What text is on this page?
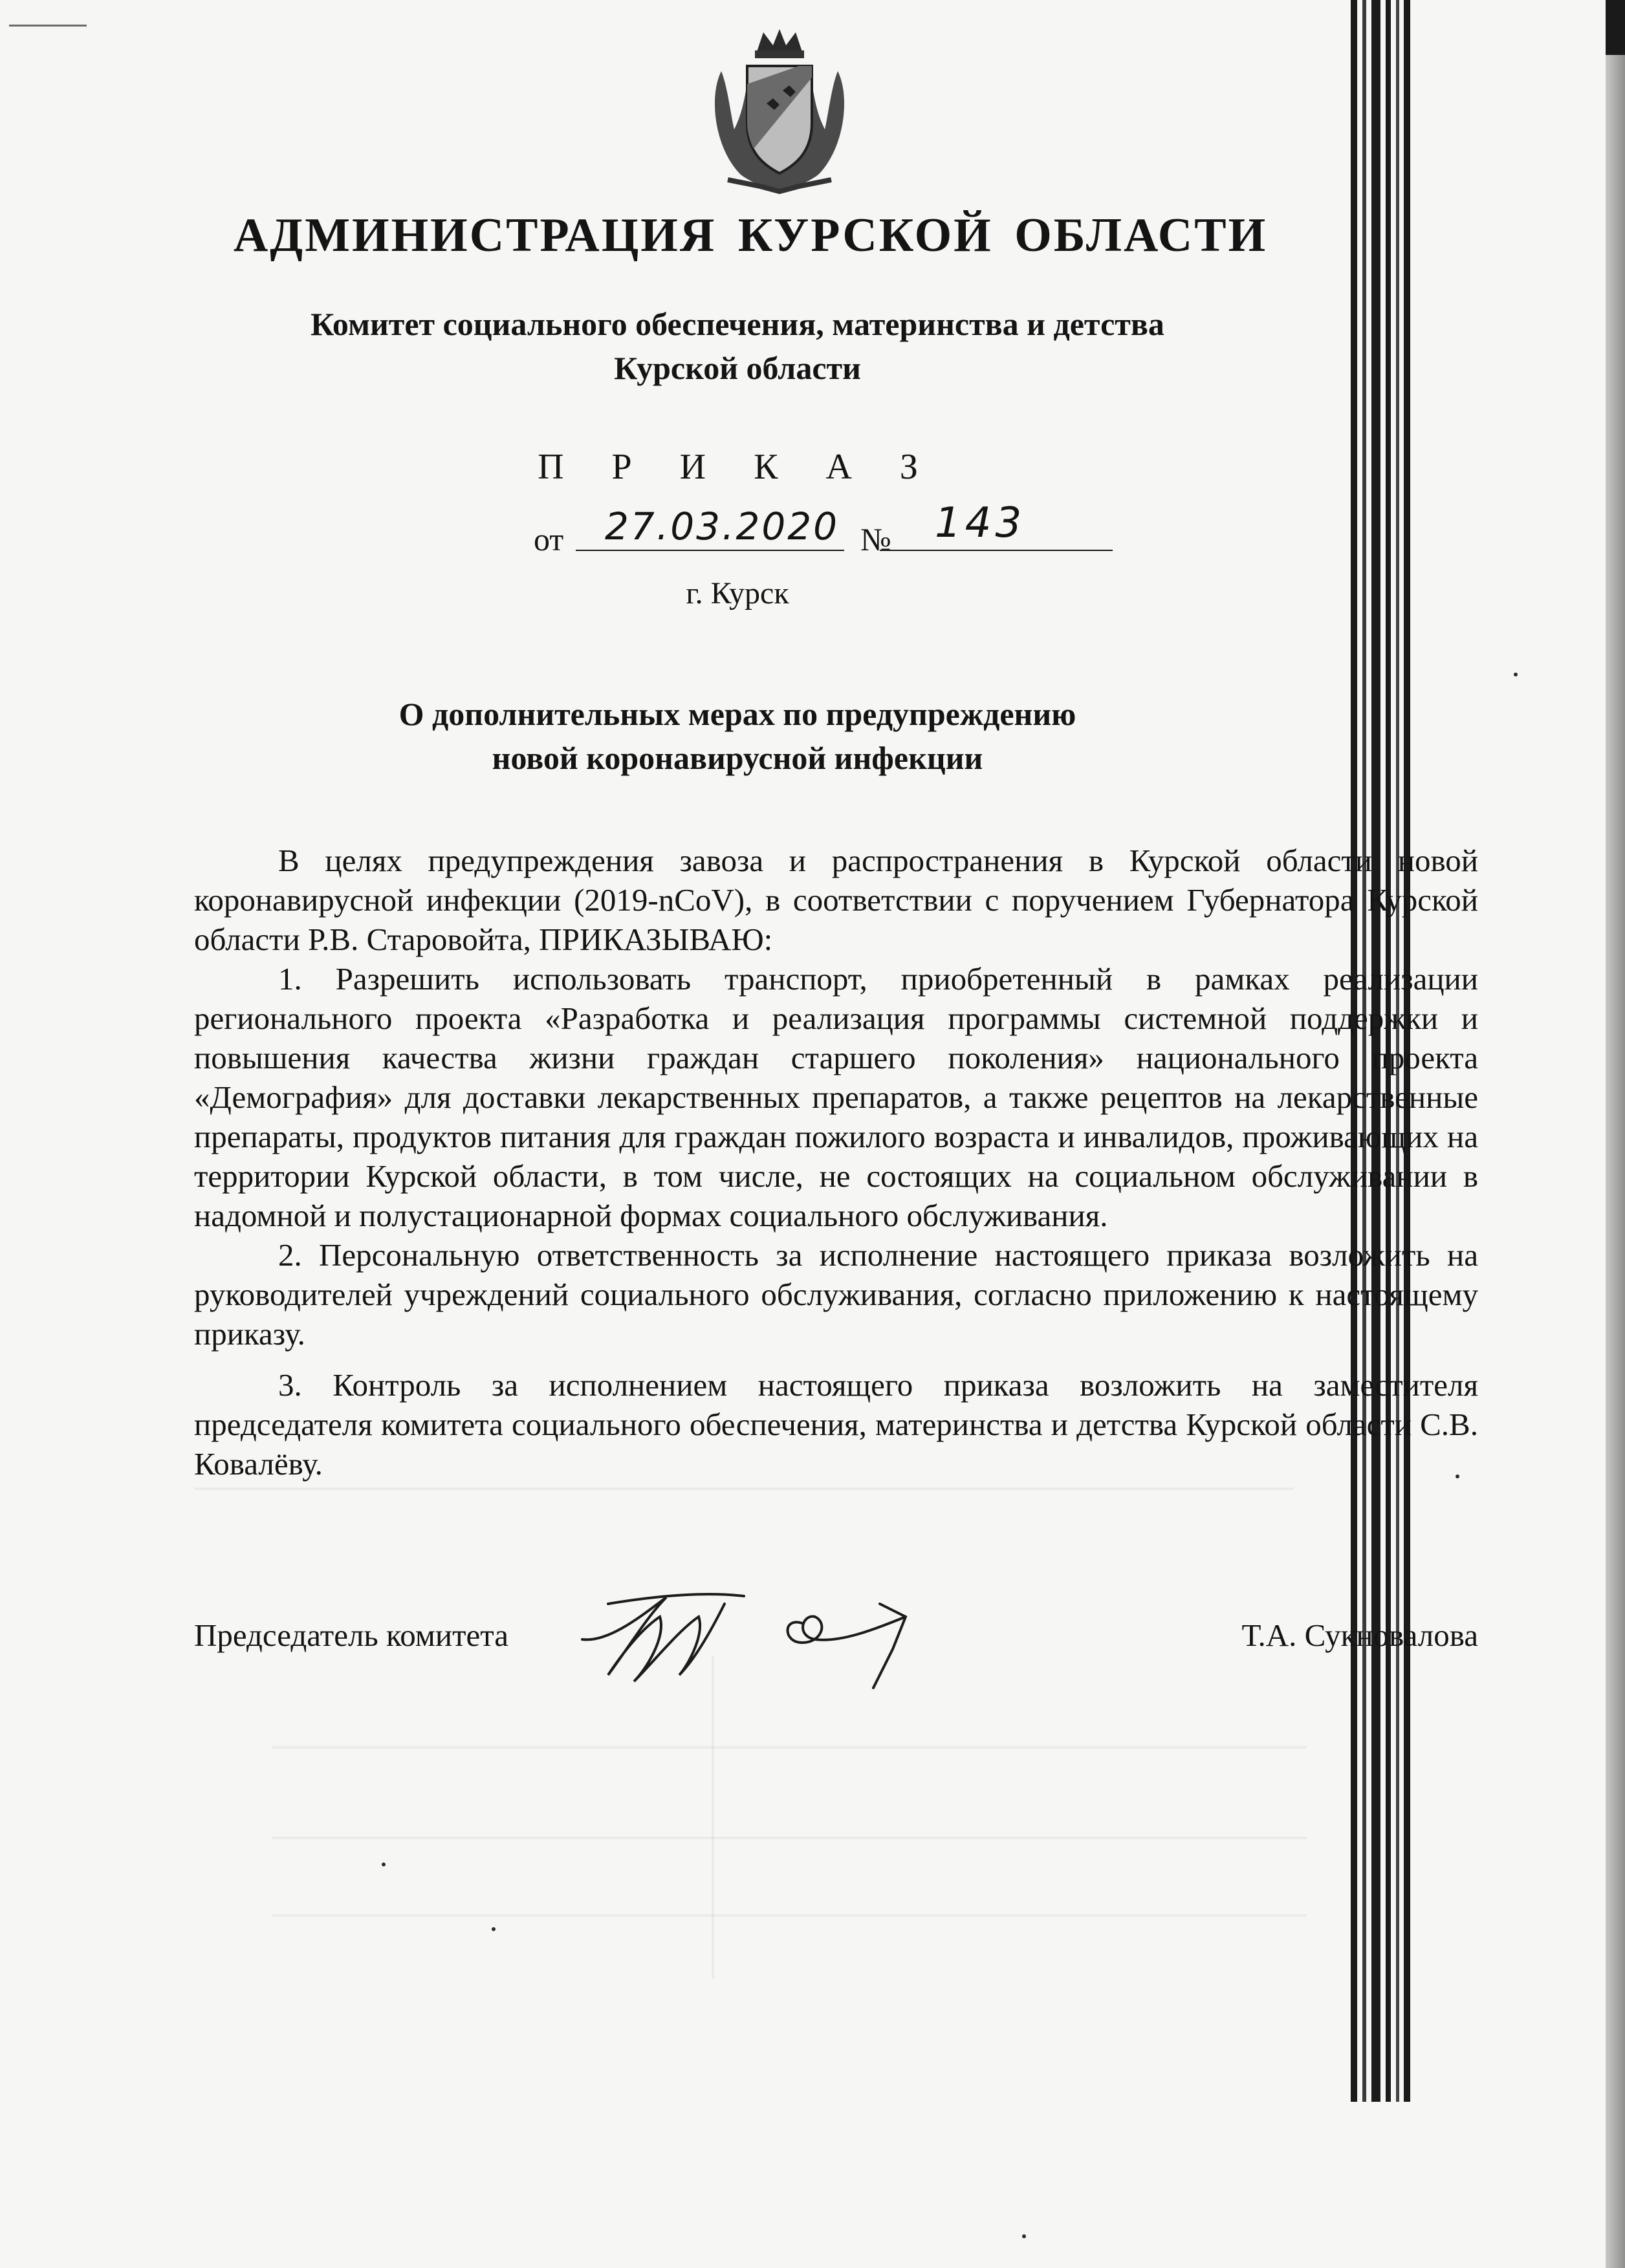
АДМИНИСТРАЦИЯ КУРСКОЙ ОБЛАСТИ
Комитет социального обеспечения, материнства и детства
Курской области
П Р И К А З
от 27.03.2020 № 143
г. Курск
О дополнительных мерах по предупреждению
новой коронавирусной инфекции

В целях предупреждения завоза и распространения в Курской области новой коронавирусной инфекции (2019-nCoV), в соответствии с поручением Губернатора Курской области Р.В. Старовойта, ПРИКАЗЫВАЮ:

1. Разрешить использовать транспорт, приобретенный в рамках реализации регионального проекта «Разработка и реализация программы системной поддержки и повышения качества жизни граждан старшего поколения» национального проекта «Демография» для доставки лекарственных препаратов, а также рецептов на лекарственные препараты, продуктов питания для граждан пожилого возраста и инвалидов, проживающих на территории Курской области, в том числе, не состоящих на социальном обслуживании в надомной и полустационарной формах социального обслуживания.

2. Персональную ответственность за исполнение настоящего приказа возложить на руководителей учреждений социального обслуживания, согласно приложению к настоящему приказу.

3. Контроль за исполнением настоящего приказа возложить на заместителя председателя комитета социального обеспечения, материнства и детства Курской области С.В. Ковалёву.

Председатель комитета	Т.А. Сукновалова
